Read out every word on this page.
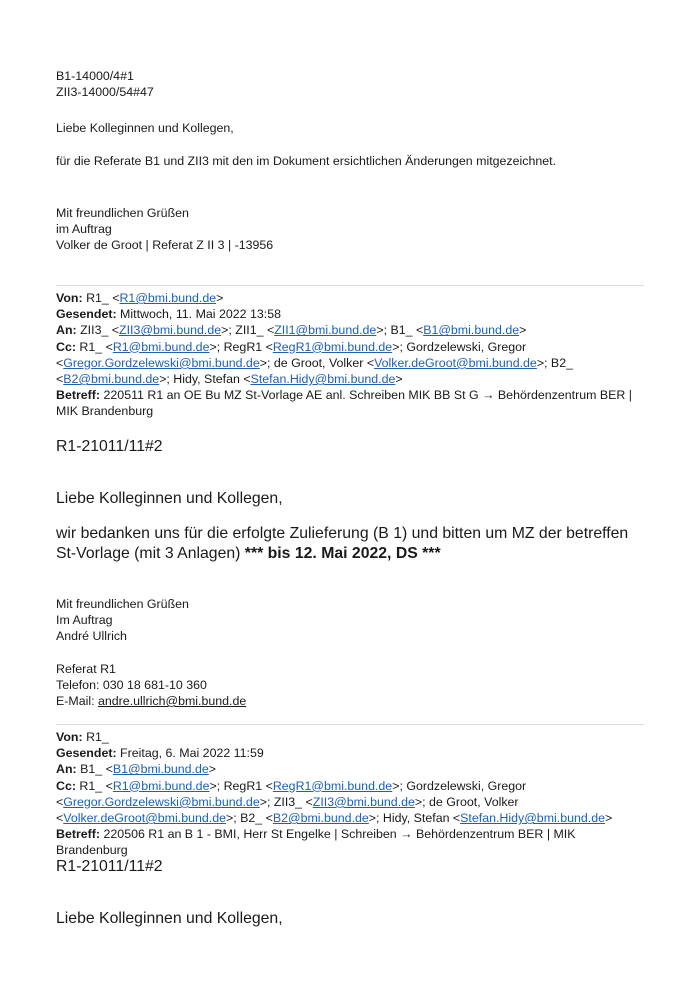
B1-14000/4#1

ZII3-14000/54#47

Liebe Kolleginnen und Kollegen,

für die Referate B1 und ZII3 mit den im Dokument ersichtlichen Änderungen mitgezeichnet.

Mit freundlichen Grüßen

im Auftrag

Volker de Groot | Referat Z II 3 | -13956

Von: R1_ <R1@bmi.bund.de>

Gesendet: Mittwoch, 11. Mai 2022 13:58

An: ZII3_ <ZII3@bmi.bund.de>; ZII1_ <ZII1@bmi.bund.de>; B1_ <B1@bmi.bund.de>

Cc: R1_ <R1@bmi.bund.de>; RegR1 <RegR1@bmi.bund.de>; Gordzelewski, Gregor

<Gregor.Gordzelewski@bmi.bund.de>; de Groot, Volker <Volker.deGroot@bmi.bund.de>; B2_

<B2@bmi.bund.de>; Hidy, Stefan <Stefan.Hidy@bmi.bund.de>

Betreff: 220511 R1 an OE Bu MZ St-Vorlage AE anl. Schreiben MIK BB St G → Behördenzentrum BER | MIK Brandenburg

R1-21011/11#2

Liebe Kolleginnen und Kollegen,

wir bedanken uns für die erfolgte Zulieferung (B 1) und bitten um MZ der betreffen St-Vorlage (mit 3 Anlagen) *** bis 12. Mai 2022, DS ***

Mit freundlichen Grüßen

Im Auftrag

André Ullrich

Referat R1

Telefon: 030 18 681-10 360

E-Mail: andre.ullrich@bmi.bund.de

Von: R1_

Gesendet: Freitag, 6. Mai 2022 11:59

An: B1_ <B1@bmi.bund.de>

Cc: R1_ <R1@bmi.bund.de>; RegR1 <RegR1@bmi.bund.de>; Gordzelewski, Gregor

<Gregor.Gordzelewski@bmi.bund.de>; ZII3_ <ZII3@bmi.bund.de>; de Groot, Volker

<Volker.deGroot@bmi.bund.de>; B2_ <B2@bmi.bund.de>; Hidy, Stefan <Stefan.Hidy@bmi.bund.de>

Betreff: 220506 R1 an B 1 - BMI, Herr St Engelke | Schreiben → Behördenzentrum BER | MIK Brandenburg

R1-21011/11#2

Liebe Kolleginnen und Kollegen,
